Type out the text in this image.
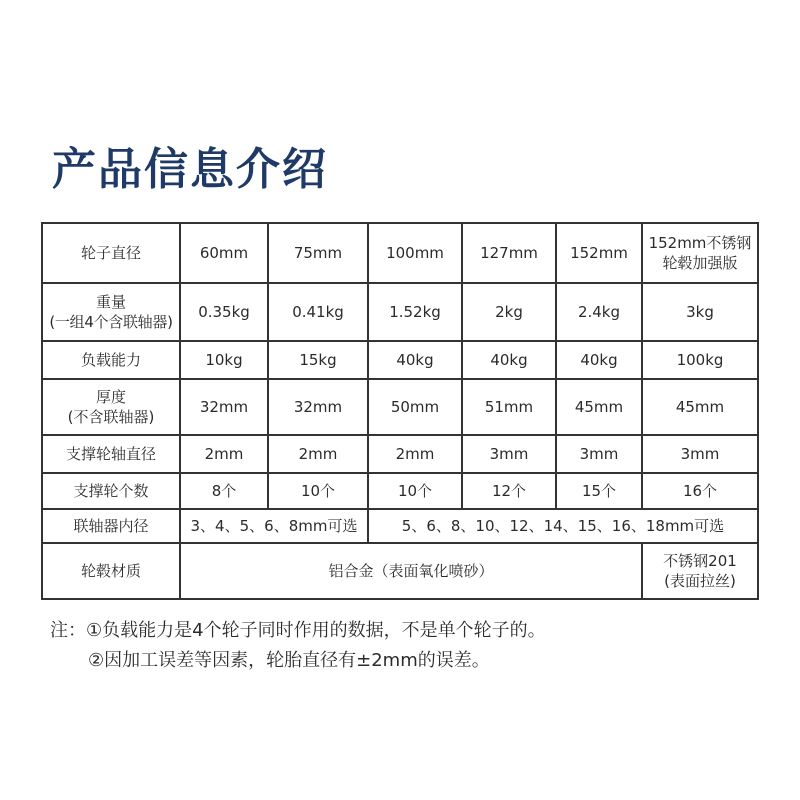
产品信息介绍
轮子直径	60mm	75mm	100mm	127mm	152mm	152mm不锈钢
轮毂加强版

重量
(一组4个含联轴器)	0.35kg	0.41kg	1.52kg	2kg	2.4kg	3kg
负载能力	10kg	15kg	40kg	40kg	40kg	100kg

厚度
(不含联轴器)	32mm	32mm	50mm	51mm	45mm	45mm
支撑轮轴直径	2mm	2mm	2mm	3mm	3mm	3mm
支撑轮个数	8个	10个	10个	12个	15个	16个
联轴器内径	3、4、5、6、8mm可选		5、6、8、10、12、14、15、16、18mm可选			
轮毂材质	铝合金（表面氧化喷砂）					不锈钢201
(表面拉丝)
注：①负载能力是4个轮子同时作用的数据，不是单个轮子的。
②因加工误差等因素，轮胎直径有±2mm的误差。
